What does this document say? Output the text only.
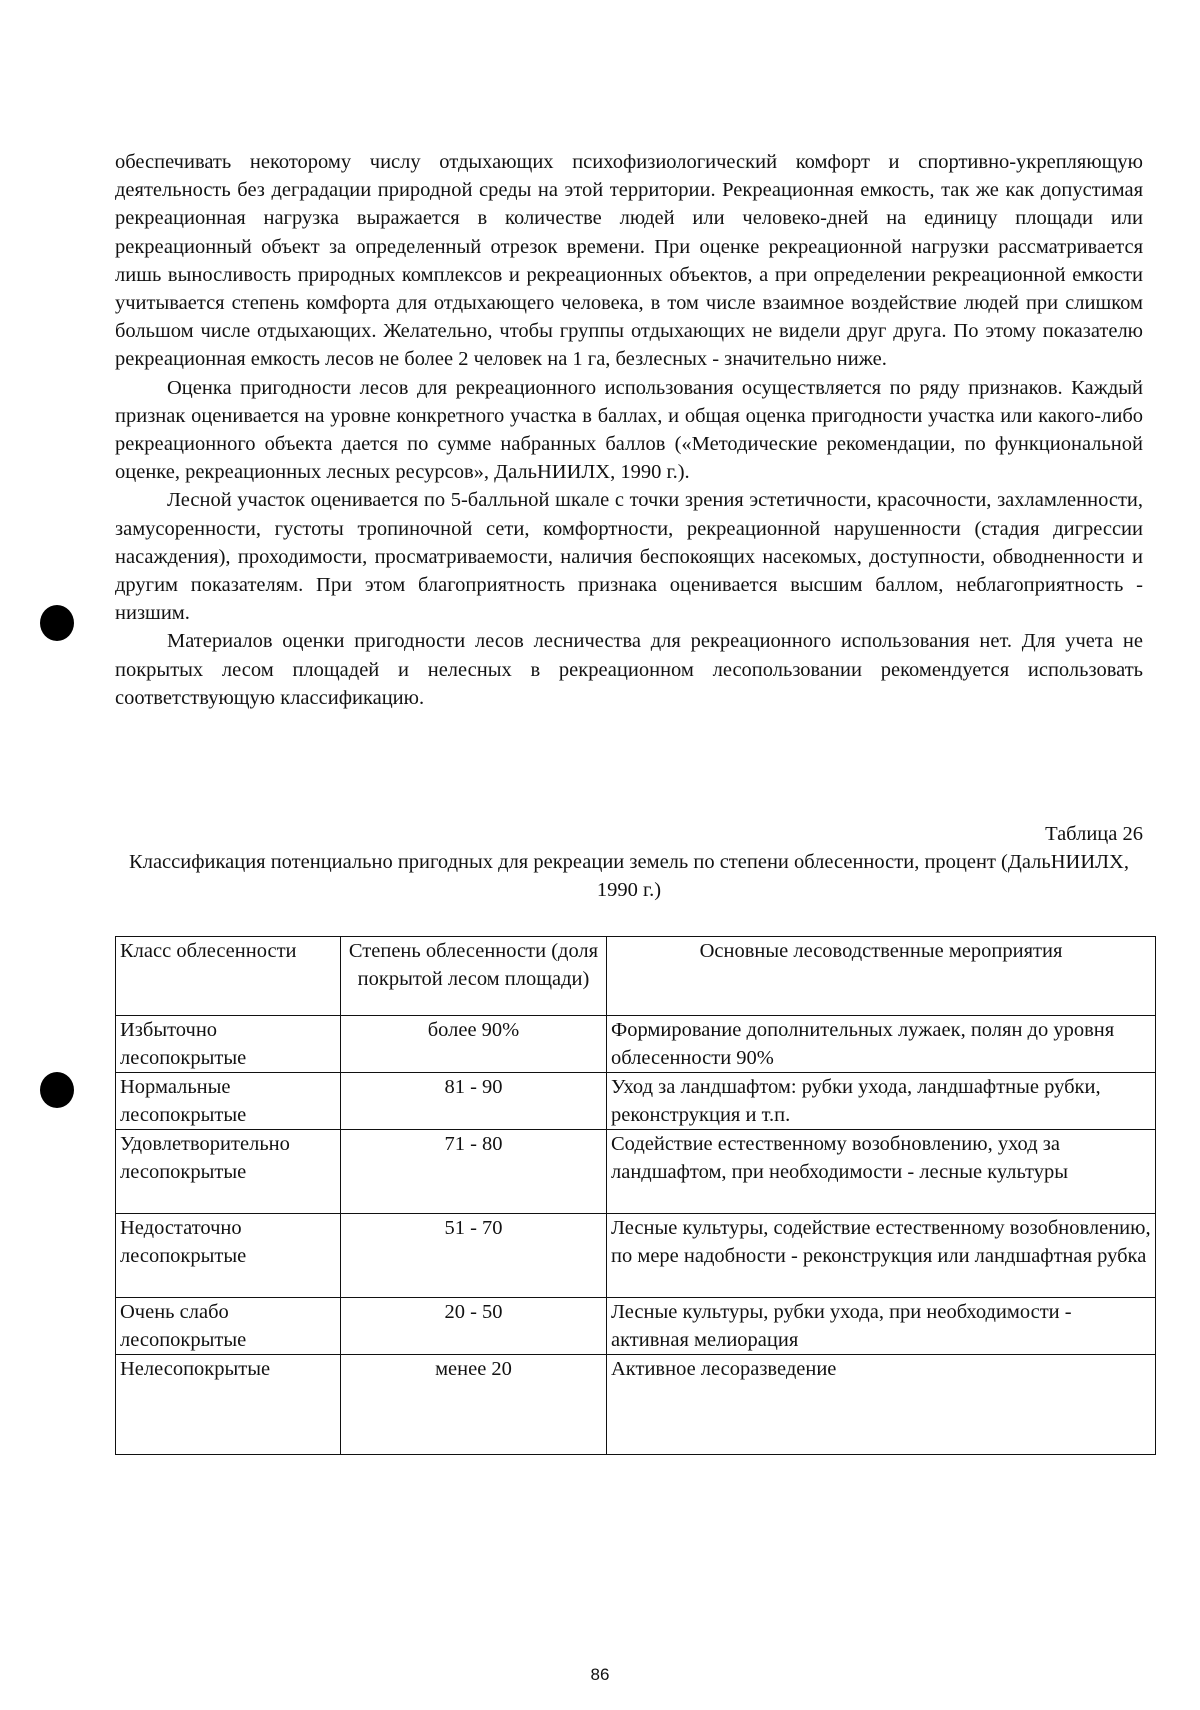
обеспечивать некоторому числу отдыхающих психофизиологический комфорт и спортивно-укрепляющую деятельность без деградации природной среды на этой территории. Рекреационная емкость, так же как допустимая рекреационная нагрузка выражается в количестве людей или человеко-дней на единицу площади или рекреационный объект за определенный отрезок времени. При оценке рекреационной нагрузки рассматривается лишь выносливость природных комплексов и рекреационных объектов, а при определении рекреационной емкости учитывается степень комфорта для отдыхающего человека, в том числе взаимное воздействие людей при слишком большом числе отдыхающих. Желательно, чтобы группы отдыхающих не видели друг друга. По этому показателю рекреационная емкость лесов не более 2 человек на 1 га, безлесных - значительно ниже.

Оценка пригодности лесов для рекреационного использования осуществляется по ряду признаков. Каждый признак оценивается на уровне конкретного участка в баллах, и общая оценка пригодности участка или какого-либо рекреационного объекта дается по сумме набранных баллов («Методические рекомендации, по функциональной оценке, рекреационных лесных ресурсов», ДальНИИЛХ, 1990 г.).

Лесной участок оценивается по 5-балльной шкале с точки зрения эстетичности, красочности, захламленности, замусоренности, густоты тропиночной сети, комфортности, рекреационной нарушенности (стадия дигрессии насаждения), проходимости, просматриваемости, наличия беспокоящих насекомых, доступности, обводненности и другим показателям. При этом благоприятность признака оценивается высшим баллом, неблагоприятность - низшим.

Материалов оценки пригодности лесов лесничества для рекреационного использования нет. Для учета не покрытых лесом площадей и нелесных в рекреационном лесопользовании рекомендуется использовать соответствующую классификацию.

Таблица 26
Классификация потенциально пригодных для рекреации земель по степени облесенности, процент (ДальНИИЛХ, 1990 г.)
Класс облесенности	Степень облесенности (доля покрытой лесом площади)	Основные лесоводственные мероприятия
Избыточно лесопокрытые	более 90%	Формирование дополнительных лужаек, полян до уровня облесенности 90%
Нормальные лесопокрытые	81 - 90	Уход за ландшафтом: рубки ухода, ландшафтные рубки, реконструкция и т.п.
Удовлетворительно лесопокрытые	71 - 80	Содействие естественному возобновлению, уход за ландшафтом, при необходимости - лесные культуры
Недостаточно лесопокрытые	51 - 70	Лесные культуры, содействие естественному возобновлению, по мере надобности - реконструкция или ландшафтная рубка
Очень слабо лесопокрытые	20 - 50	Лесные культуры, рубки ухода, при необходимости - активная мелиорация
Нелесопокрытые	менее 20	Активное лесоразведение
86
